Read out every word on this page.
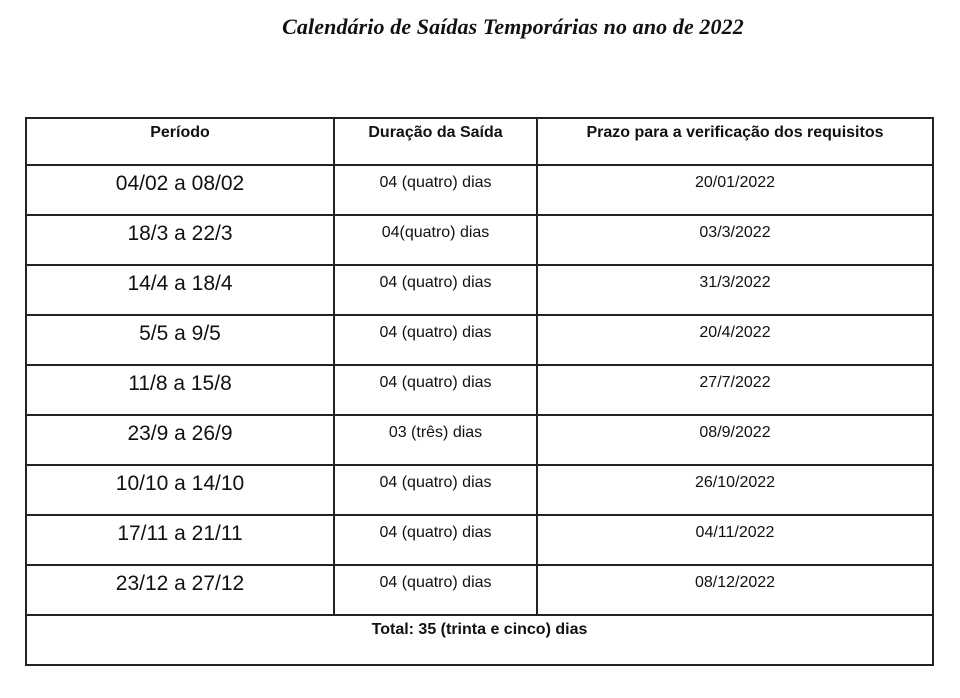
Calendário de Saídas Temporárias no ano de 2022
Período	Duração da Saída	Prazo para a verificação dos requisitos
04/02 a 08/02	04 (quatro) dias	20/01/2022
18/3 a 22/3	04(quatro) dias	03/3/2022
14/4 a 18/4	04 (quatro) dias	31/3/2022
5/5 a 9/5	04 (quatro) dias	20/4/2022
11/8 a 15/8	04 (quatro) dias	27/7/2022
23/9 a 26/9	03 (três) dias	08/9/2022
10/10 a 14/10	04 (quatro) dias	26/10/2022
17/11 a 21/11	04 (quatro) dias	04/11/2022
23/12 a 27/12	04 (quatro) dias	08/12/2022
Total: 35 (trinta e cinco) dias		
